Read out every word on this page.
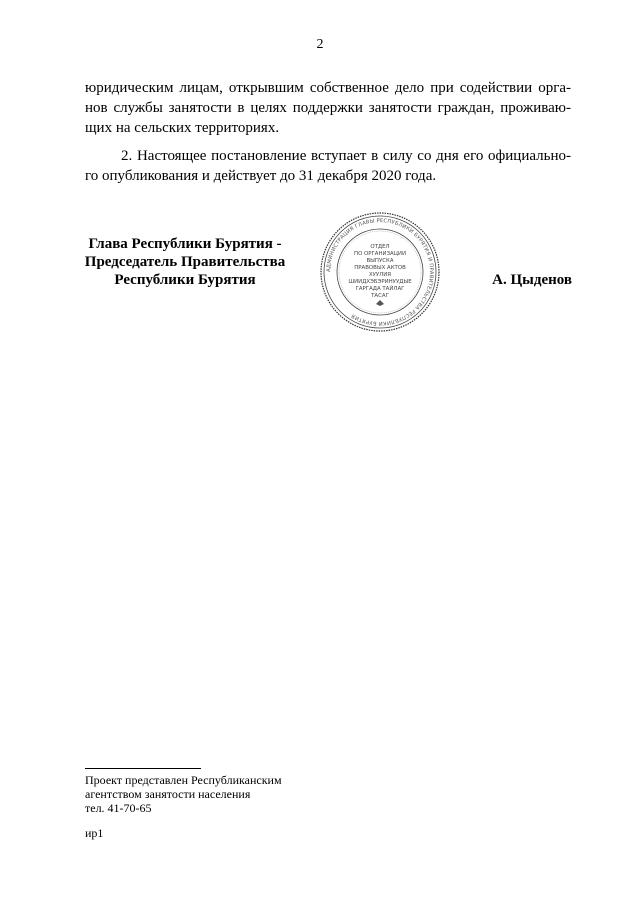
2
юридическим лицам, открывшим собственное дело при содействии орга-
нов службы занятости в целях поддержки занятости граждан, проживаю-
щих на сельских территориях.
2. Настоящее постановление вступает в силу со дня его официально-
го опубликования и действует до 31 декабря 2020 года.
Глава Республики Бурятия -
Председатель Правительства
Республики Бурятия
АДМИНИСТРАЦИЯ ГЛАВЫ РЕСПУБЛИКИ БУРЯТИЯ И ПРАВИТЕЛЬСТВА РЕСПУБЛИКИ БУРЯТИЯ
ОТДЕЛ
ПО ОРГАНИЗАЦИИ
ВЫПУСКА
ПРАВОВЫХ АКТОВ
ХУУЛИЯ
ШИИДХЭБЭРИНУУДЫЕ
ГАРГАДА ТАЙЛАГ
ТАСАГ
А. Цыденов
Проект представлен Республиканским
агентством занятости населения
тел. 41-70-65
ир1
